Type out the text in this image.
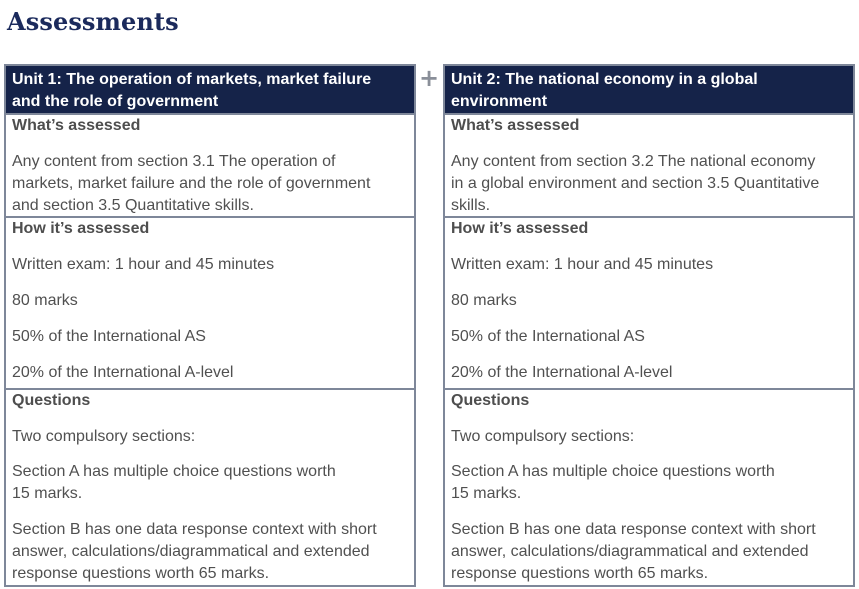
Assessments
+
Unit 1: The operation of markets, market failure
and the role of government
What’s assessed
Any content from section 3.1 The operation of
markets, market failure and the role of government
and section 3.5 Quantitative skills.
How it’s assessed
Written exam: 1 hour and 45 minutes
80 marks
50% of the International AS
20% of the International A-level
Questions
Two compulsory sections:
Section A has multiple choice questions worth
15 marks.
Section B has one data response context with short
answer, calculations/diagrammatical and extended
response questions worth 65 marks.
Unit 2: The national economy in a global
environment
What’s assessed
Any content from section 3.2 The national economy
in a global environment and section 3.5 Quantitative
skills.
How it’s assessed
Written exam: 1 hour and 45 minutes
80 marks
50% of the International AS
20% of the International A-level
Questions
Two compulsory sections:
Section A has multiple choice questions worth
15 marks.
Section B has one data response context with short
answer, calculations/diagrammatical and extended
response questions worth 65 marks.
